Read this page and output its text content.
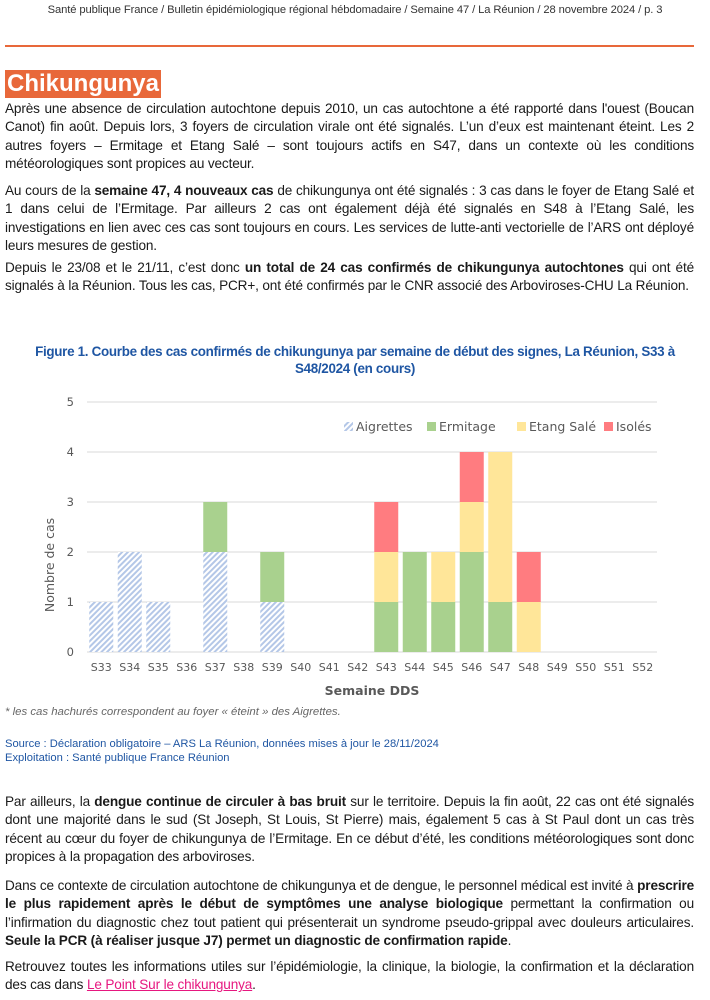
Santé publique France / Bulletin épidémiologique régional hébdomadaire / Semaine 47 / La Réunion / 28 novembre 2024 / p. 3
Chikungunya

Après une absence de circulation autochtone depuis 2010, un cas autochtone a été rapporté dans l'ouest (Boucan Canot) fin août. Depuis lors, 3 foyers de circulation virale ont été signalés. L’un d’eux est maintenant éteint. Les 2 autres foyers – Ermitage et Etang Salé – sont toujours actifs en S47, dans un contexte où les conditions météorologiques sont propices au vecteur.

Au cours de la semaine 47, 4 nouveaux cas de chikungunya ont été signalés : 3 cas dans le foyer de Etang Salé et 1 dans celui de l’Ermitage. Par ailleurs 2 cas ont également déjà été signalés en S48 à l’Etang Salé, les investigations en lien avec ces cas sont toujours en cours. Les services de lutte-anti vectorielle de l’ARS ont déployé leurs mesures de gestion.

Depuis le 23/08 et le 21/11, c’est donc un total de 24 cas confirmés de chikungunya autochtones qui ont été signalés à la Réunion. Tous les cas, PCR+, ont été confirmés par le CNR associé des Arboviroses-CHU La Réunion.

Figure 1. Courbe des cas confirmés de chikungunya par semaine de début des signes, La Réunion, S33 à S48/2024 (en cours)
0
1
2
3
4
5
S33 S34 S35 S36 S37 S38 S39 S40 S41 S42 S43 S44 S45 S46 S47 S48 S49 S50 S51 S52
Aigrettes Ermitage	Etang Salé Isolés
Nombre de cas
Semaine DDS
* les cas hachurés correspondent au foyer « éteint » des Aigrettes.
Source : Déclaration obligatoire – ARS La Réunion, données mises à jour le 28/11/2024
Exploitation : Santé publique France Réunion

Par ailleurs, la dengue continue de circuler à bas bruit sur le territoire. Depuis la fin août, 22 cas ont été signalés dont une majorité dans le sud (St Joseph, St Louis, St Pierre) mais, également 5 cas à St Paul dont un cas très récent au cœur du foyer de chikungunya de l’Ermitage. En ce début d’été, les conditions météorologiques sont donc propices à la propagation des arboviroses.

Dans ce contexte de circulation autochtone de chikungunya et de dengue, le personnel médical est invité à prescrire le plus rapidement après le début de symptômes une analyse biologique permettant la confirmation ou l’infirmation du diagnostic chez tout patient qui présenterait un syndrome pseudo-grippal avec douleurs articulaires. Seule la PCR (à réaliser jusque J7) permet un diagnostic de confirmation rapide.

Retrouvez toutes les informations utiles sur l’épidémiologie, la clinique, la biologie, la confirmation et la déclaration des cas dans Le Point Sur le chikungunya.
